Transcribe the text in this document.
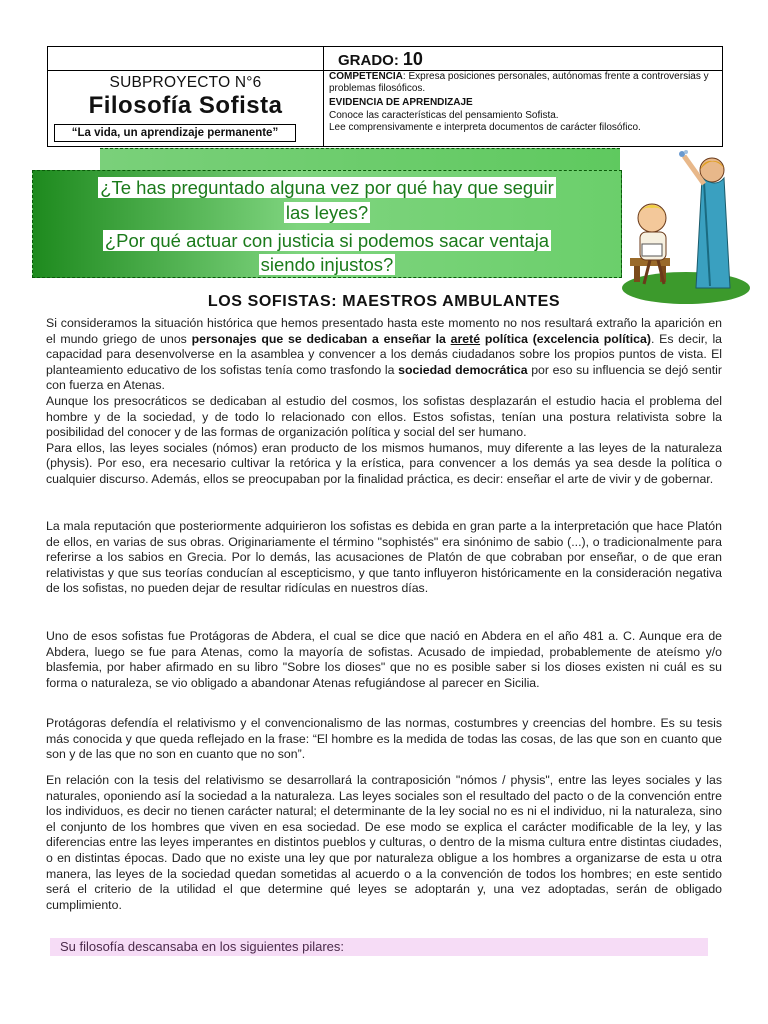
GRADO: 10
SUBPROYECTO N°6
Filosofía Sofista
“La vida, un aprendizaje permanente”
COMPETENCIA: Expresa posiciones personales, autónomas frente a controversias y problemas filosóficos.
EVIDENCIA DE APRENDIZAJE
Conoce las características del pensamiento Sofista.
Lee comprensivamente e interpreta documentos de carácter filosófico.
¿Te has preguntado alguna vez por qué hay que seguir
las leyes?
¿Por qué actuar con justicia si podemos sacar ventaja
siendo injustos?
LOS SOFISTAS: MAESTROS AMBULANTES

Si consideramos la situación histórica que hemos presentado hasta este momento no nos resultará extraño la aparición en el mundo griego de unos personajes que se dedicaban a enseñar la areté política (excelencia política). Es decir, la capacidad para desenvolverse en la asamblea y convencer a los demás ciudadanos sobre los propios puntos de vista. El planteamiento educativo de los sofistas tenía como trasfondo la sociedad democrática por eso su influencia se dejó sentir con fuerza en Atenas.

Aunque los presocráticos se dedicaban al estudio del cosmos, los sofistas desplazarán el estudio hacia el problema del hombre y de la sociedad, y de todo lo relacionado con ellos. Estos sofistas, tenían una postura relativista sobre la posibilidad del conocer y de las formas de organización política y social del ser humano.

Para ellos, las leyes sociales (nómos) eran producto de los mismos humanos, muy diferente a las leyes de la naturaleza (physis). Por eso, era necesario cultivar la retórica y la erística, para convencer a los demás ya sea desde la política o cualquier discurso. Además, ellos se preocupaban por la finalidad práctica, es decir: enseñar el arte de vivir y de gobernar.

La mala reputación que posteriormente adquirieron los sofistas es debida en gran parte a la interpretación que hace Platón de ellos, en varias de sus obras. Originariamente el término "sophistés" era sinónimo de sabio (...), o tradicionalmente para referirse a los sabios en Grecia. Por lo demás, las acusaciones de Platón de que cobraban por enseñar, o de que eran relativistas y que sus teorías conducían al escepticismo, y que tanto influyeron históricamente en la consideración negativa de los sofistas, no pueden dejar de resultar ridículas en nuestros días.
Uno de esos sofistas fue Protágoras de Abdera, el cual se dice que nació en Abdera en el año 481 a. C. Aunque era de Abdera, luego se fue para Atenas, como la mayoría de sofistas. Acusado de impiedad, probablemente de ateísmo y/o blasfemia, por haber afirmado en su libro "Sobre los dioses" que no es posible saber si los dioses existen ni cuál es su forma o naturaleza, se vio obligado a abandonar Atenas refugiándose al parecer en Sicilia.
Protágoras defendía el relativismo y el convencionalismo de las normas, costumbres y creencias del hombre. Es su tesis más conocida y que queda reflejado en la frase: “El hombre es la medida de todas las cosas, de las que son en cuanto que son y de las que no son en cuanto que no son”.
En relación con la tesis del relativismo se desarrollará la contraposición "nómos / physis", entre las leyes sociales y las naturales, oponiendo así la sociedad a la naturaleza. Las leyes sociales son el resultado del pacto o de la convención entre los individuos, es decir no tienen carácter natural; el determinante de la ley social no es ni el individuo, ni la naturaleza, sino el conjunto de los hombres que viven en esa sociedad. De ese modo se explica el carácter modificable de la ley, y las diferencias entre las leyes imperantes en distintos pueblos y culturas, o dentro de la misma cultura entre distintas ciudades, o en distintas épocas. Dado que no existe una ley que por naturaleza obligue a los hombres a organizarse de esta u otra manera, las leyes de la sociedad quedan sometidas al acuerdo o a la convención de todos los hombres; en este sentido será el criterio de la utilidad el que determine qué leyes se adoptarán y, una vez adoptadas, serán de obligado cumplimiento.
Su filosofía descansaba en los siguientes pilares:
